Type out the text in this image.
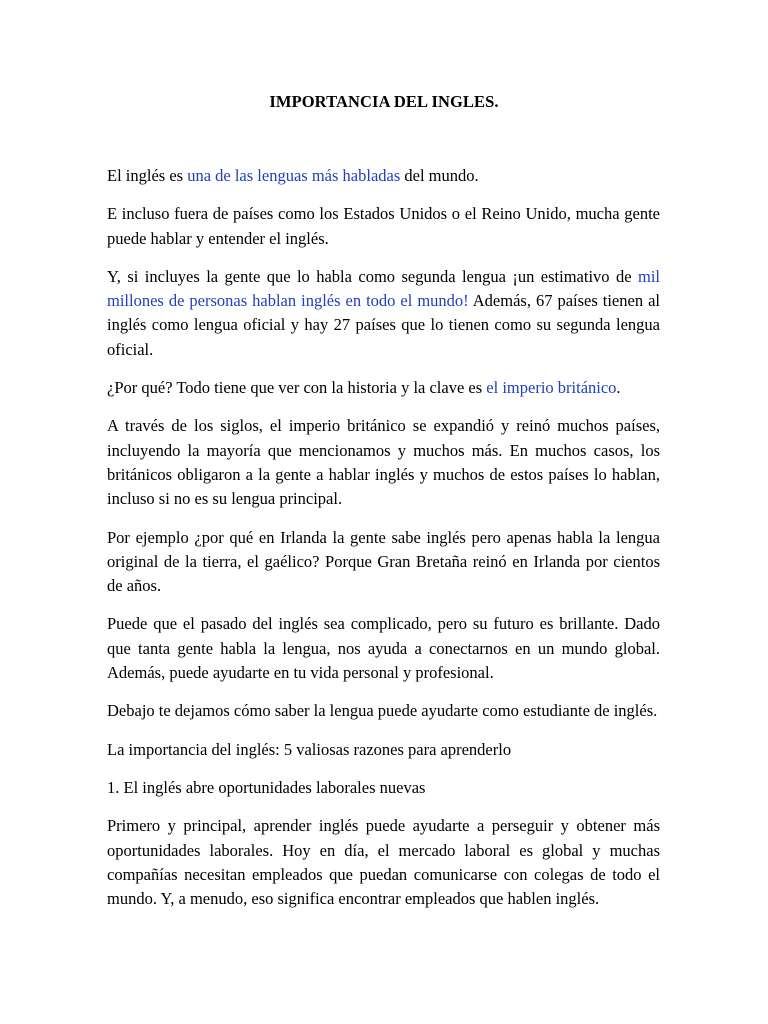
IMPORTANCIA DEL INGLES.

El inglés es una de las lenguas más habladas del mundo.

E incluso fuera de países como los Estados Unidos o el Reino Unido, mucha gente puede hablar y entender el inglés.

Y, si incluyes la gente que lo habla como segunda lengua ¡un estimativo de mil millones de personas hablan inglés en todo el mundo! Además, 67 países tienen al inglés como lengua oficial y hay 27 países que lo tienen como su segunda lengua oficial.

¿Por qué? Todo tiene que ver con la historia y la clave es el imperio británico.

A través de los siglos, el imperio británico se expandió y reinó muchos países, incluyendo la mayoría que mencionamos y muchos más. En muchos casos, los británicos obligaron a la gente a hablar inglés y muchos de estos países lo hablan, incluso si no es su lengua principal.

Por ejemplo ¿por qué en Irlanda la gente sabe inglés pero apenas habla la lengua original de la tierra, el gaélico? Porque Gran Bretaña reinó en Irlanda por cientos de años.

Puede que el pasado del inglés sea complicado, pero su futuro es brillante. Dado que tanta gente habla la lengua, nos ayuda a conectarnos en un mundo global. Además, puede ayudarte en tu vida personal y profesional.

Debajo te dejamos cómo saber la lengua puede ayudarte como estudiante de inglés.

La importancia del inglés: 5 valiosas razones para aprenderlo

1. El inglés abre oportunidades laborales nuevas

Primero y principal, aprender inglés puede ayudarte a perseguir y obtener más oportunidades laborales. Hoy en día, el mercado laboral es global y muchas compañías necesitan empleados que puedan comunicarse con colegas de todo el mundo. Y, a menudo, eso significa encontrar empleados que hablen inglés.
